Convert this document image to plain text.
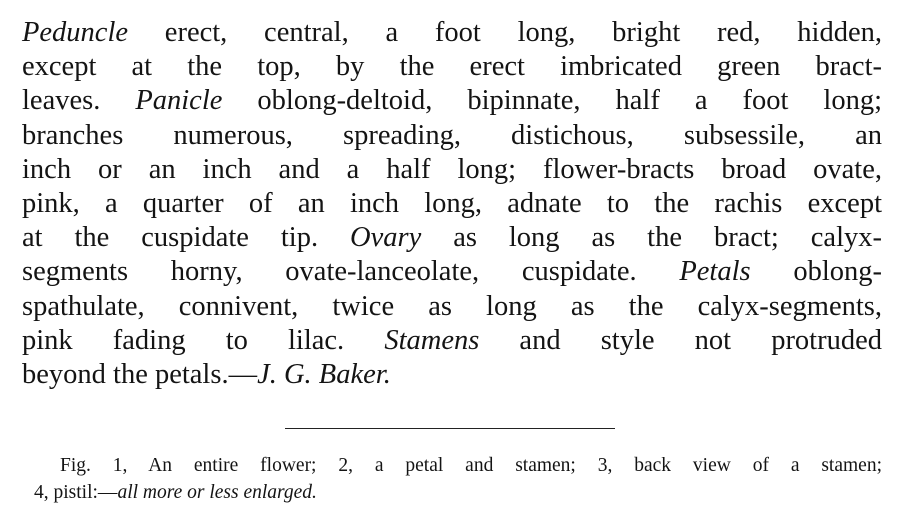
Peduncle erect, central, a foot long, bright red, hidden,
except at the top, by the erect imbricated green bract-
leaves. Panicle oblong-deltoid, bipinnate, half a foot long;
branches numerous, spreading, distichous, subsessile, an
inch or an inch and a half long; flower-bracts broad ovate,
pink, a quarter of an inch long, adnate to the rachis except
at the cuspidate tip. Ovary as long as the bract; calyx-
segments horny, ovate-lanceolate, cuspidate. Petals oblong-
spathulate, connivent, twice as long as the calyx-segments,
pink fading to lilac. Stamens and style not protruded
beyond the petals.—J. G. Baker.
Fig. 1, An entire flower; 2, a petal and stamen; 3, back view of a stamen;
4, pistil:—all more or less enlarged.
